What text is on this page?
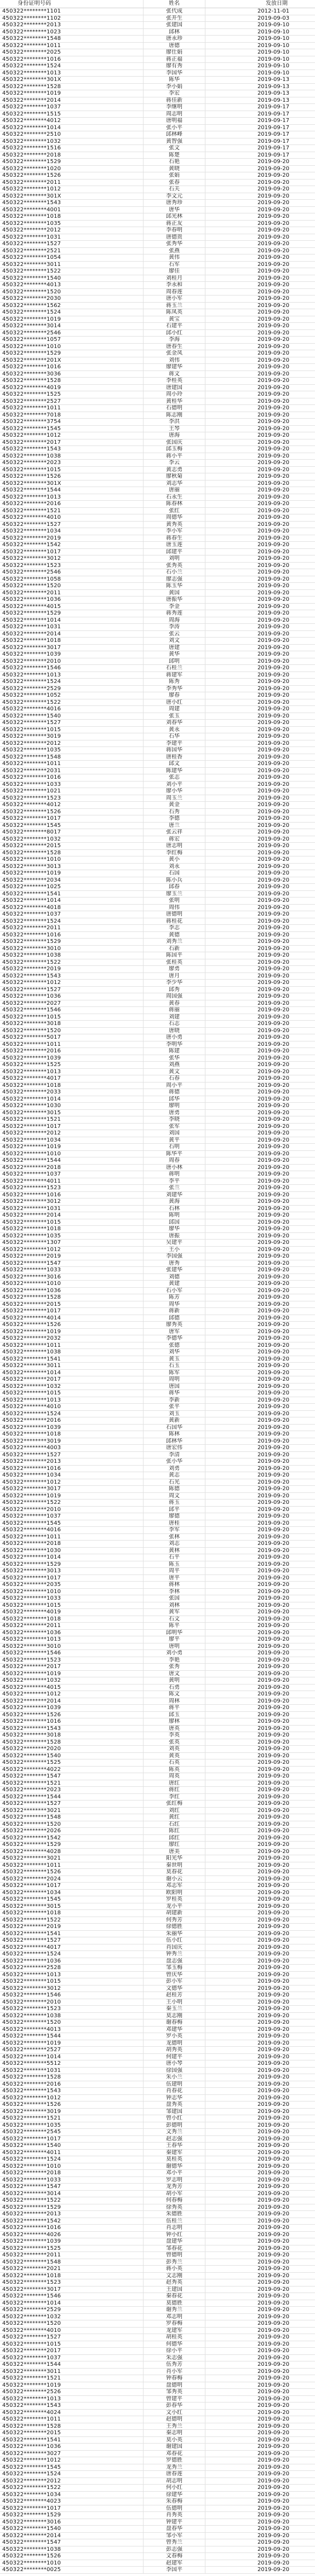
身份证明号码	姓名	发放日期
450322********1101	张代成	2012-11-01
450322********1102	张开生	2019-09-03
450322********2013	张建国	2019-09-10
450322********1023	邱林	2019-09-10
450322********1548	唐永珍	2019-09-10
450322********1011	唐德	2019-09-10
450322********2025	廖仕娟	2019-09-10
450322********1016	蒋正福	2019-09-10
450322********1524	廖有秀	2019-09-10
450322********1013	李国华	2019-09-10
450322********301X	陈华	2019-09-13
450322********1528	李小娟	2019-09-13
450322********1019	李宏	2019-09-13
450322********2014	蒋佳新	2019-09-13
450322********1037	李继明	2019-09-17
450322********1515	周志明	2019-09-17
450322********4012	唐明福	2019-09-17
450322********1014	张小平	2019-09-17
450322********2510	邱林峰	2019-09-17
450322********1032	黄智强	2019-09-17
450322********1516	张文	2019-09-17
450322********2018	陈楚	2019-09-17
450322********1529	石艳	2019-09-20
450322********1020	黄晓	2019-09-20
450322********1526	张娟	2019-09-20
450322********2011	张春	2019-09-20
450322********1012	石关	2019-09-20
450322********301X	李文元	2019-09-20
450322********1543	唐秀珍	2019-09-20
450322********4001	唐华	2019-09-20
450322********1018	邱光林	2019-09-20
450322********1035	蒋正友	2019-09-20
450322********2012	李春明	2019-09-20
450322********1031	唐德贵	2019-09-20
450322********1527	张秀华	2019-09-20
450322********2521	张燕	2019-09-20
450322********1054	黄伟	2019-09-20
450322********3011	石军	2019-09-20
450322********1522	廖佳	2019-09-20
450322********1540	刘桂月	2019-09-20
450322********4013	李永和	2019-09-20
450322********1520	周春莲	2019-09-20
450322********2030	唐小军	2019-09-20
450322********1562	蒋玉兰	2019-09-20
450322********1524	陈凤英	2019-09-20
450322********1019	黄宝	2019-09-20
450322********3014	石建平	2019-09-20
450322********2546	邱小红	2019-09-20
450322********1057	李海	2019-09-20
450322********1010	唐春生	2019-09-20
450322********1529	张金凤	2019-09-20
450322********201X	刘伟	2019-09-20
450322********1016	廖建华	2019-09-20
450322********3036	蒋文	2019-09-20
450322********1528	李桂英	2019-09-20
450322********4019	唐建国	2019-09-20
450322********1525	周小玲	2019-09-20
450322********2527	黄桂华	2019-09-20
450322********1011	石德明	2019-09-20
450322********7018	陈志刚	2019-09-20
450322********3754	李洪	2019-09-20
450322********1545	王琴	2019-09-20
450322********1012	唐海	2019-09-20
450322********2017	张国庆	2019-09-20
450322********1543	邱玉梅	2019-09-20
450322********1038	蒋小平	2019-09-20
450322********2023	李云	2019-09-20
450322********1015	黄志勇	2019-09-20
450322********1526	廖秋菊	2019-09-20
450322********301X	刘志华	2019-09-20
450322********1544	唐丽	2019-09-20
450322********1013	石永生	2019-09-20
450322********2016	陈春林	2019-09-20
450322********1521	张红	2019-09-20
450322********4010	周德华	2019-09-20
450322********1527	黄秀英	2019-09-20
450322********1034	李小军	2019-09-20
450322********2019	蒋春生	2019-09-20
450322********1542	唐玉莲	2019-09-20
450322********1017	邱建平	2019-09-20
450322********3012	刘明	2019-09-20
450322********1523	张秀英	2019-09-20
450322********2546	石小兰	2019-09-20
450322********1058	廖志强	2019-09-20
450322********1520	陈玉华	2019-09-20
450322********2011	黄国	2019-09-20
450322********1036	唐振华	2019-09-20
450322********4015	李金	2019-09-20
450322********1529	蒋秀莲	2019-09-20
450322********1014	周海	2019-09-20
450322********1031	李涛	2019-09-20
450322********2014	张云	2019-09-20
450322********1018	刘文	2019-09-20
450322********3017	唐建	2019-09-20
450322********1039	黄华	2019-09-20
450322********2010	邱明	2019-09-20
450322********1546	石桂兰	2019-09-20
450322********1013	蒋建军	2019-09-20
450322********1524	陈秀	2019-09-20
450322********2529	李秀华	2019-09-20
450322********1052	廖春	2019-09-20
450322********1522	唐小红	2019-09-20
450322********4016	周建	2019-09-20
450322********1540	张玉	2019-09-20
450322********1527	刘春华	2019-09-20
450322********1015	黄永	2019-09-20
450322********3019	石华	2019-09-20
450322********2012	李建平	2019-09-20
450322********1035	蒋国华	2019-09-20
450322********1548	唐桂香	2019-09-20
450322********1011	邱文	2019-09-20
450322********2031	陈建华	2019-09-20
450322********1016	张志	2019-09-20
450322********1033	刘小平	2019-09-20
450322********1021	廖小华	2019-09-20
450322********1523	周玉兰	2019-09-20
450322********4012	黄金	2019-09-20
450322********1526	石秀	2019-09-20
450322********1017	李德	2019-09-20
450322********1545	唐兰	2019-09-20
450322********8017	张云祥	2019-09-20
450322********1032	蒋宏	2019-09-20
450322********2015	唐志明	2019-09-20
450322********1528	李红梅	2019-09-20
450322********1010	黄小	2019-09-20
450322********3013	刘永	2019-09-20
450322********1019	石国	2019-09-20
450322********2034	陈小兵	2019-09-20
450322********1025	邱春	2019-09-20
450322********1541	廖玉兰	2019-09-20
450322********1014	张明	2019-09-20
450322********4018	周伟	2019-09-20
450322********1037	唐德明	2019-09-20
450322********1524	蒋桂花	2019-09-20
450322********2011	李志	2019-09-20
450322********1016	黄德	2019-09-20
450322********1529	刘秀兰	2019-09-20
450322********3010	石新	2019-09-20
450322********1038	陈国平	2019-09-20
450322********1522	张桂英	2019-09-20
450322********2019	廖勇	2019-09-20
450322********1543	唐月	2019-09-20
450322********1012	李少华	2019-09-20
450322********1527	邱秀	2019-09-20
450322********1036	周国强	2019-09-20
450322********2027	黄春	2019-09-20
450322********1546	蒋丽	2019-09-20
450322********1015	刘建	2019-09-20
450322********3018	石志	2019-09-20
450322********1520	唐晓	2019-09-20
450322********5017	唐小勇	2019-09-20
450322********1011	李明华	2019-09-20
450322********2016	陈建	2019-09-20
450322********1039	张华	2019-09-20
450322********1525	刘燕	2019-09-20
450322********1013	黄文	2019-09-20
450322********4017	石春	2019-09-20
450322********1018	周小平	2019-09-20
450322********2033	蒋德	2019-09-20
450322********1014	邱华	2019-09-20
450322********1030	廖明	2019-09-20
450322********3015	唐勇	2019-09-20
450322********1521	李晓	2019-09-20
450322********1017	张军	2019-09-20
450322********2012	刘国	2019-09-20
450322********1034	黄平	2019-09-20
450322********1019	石明	2019-09-20
450322********1010	陈华平	2019-09-20
450322********1544	周春	2019-09-20
450322********2018	唐小林	2019-09-20
450322********1037	蒋明	2019-09-20
450322********4011	李平	2019-09-20
450322********1523	张兰	2019-09-20
450322********1016	刘建华	2019-09-20
450322********3012	黄海	2019-09-20
450322********1031	石林	2019-09-20
450322********2014	陈明	2019-09-20
450322********1015	邱国	2019-09-20
450322********1018	廖华	2019-09-20
450322********1035	唐振	2019-09-20
450322********1307	吴建平	2019-09-20
450322********1012	王小	2019-09-20
450322********2019	李国强	2019-09-20
450322********1547	唐秀	2019-09-20
450322********1033	张建华	2019-09-20
450322********3016	刘德	2019-09-20
450322********1010	黄建	2019-09-20
450322********1036	石小军	2019-09-20
450322********1528	陈芳	2019-09-20
450322********2015	周华	2019-09-20
450322********1017	蒋新	2019-09-20
450322********4014	邱德	2019-09-20
450322********1526	廖秀英	2019-09-20
450322********1019	唐军	2019-09-20
450322********2032	李德华	2019-09-20
450322********1011	张德	2019-09-20
450322********1038	刘华	2019-09-20
450322********1541	黄玉	2019-09-20
450322********3011	石玉	2019-09-20
450322********1014	陈军	2019-09-20
450322********2017	周明	2019-09-20
450322********1032	唐国	2019-09-20
450322********1015	蒋华	2019-09-20
450322********1013	李新	2019-09-20
450322********4010	张平	2019-09-20
450322********1524	刘玉	2019-09-20
450322********2016	黄新	2019-09-20
450322********1039	石国华	2019-09-20
450322********1018	陈林	2019-09-20
450322********3019	邱林华	2019-09-20
450322********4003	唐宏伟	2019-09-20
450322********1527	李清	2019-09-20
450322********2013	张小华	2019-09-20
450322********1016	刘勇	2019-09-20
450322********1034	黄志	2019-09-20
450322********1012	石光	2019-09-20
450322********3017	陈德	2019-09-20
450322********1019	周文	2019-09-20
450322********1522	蒋玉	2019-09-20
450322********2010	邱平	2019-09-20
450322********1037	廖德	2019-09-20
450322********1545	唐桂	2019-09-20
450322********4016	李军	2019-09-20
450322********1011	张林	2019-09-20
450322********2018	刘志	2019-09-20
450322********1030	黄林	2019-09-20
450322********1014	石平	2019-09-20
450322********1529	陈玉	2019-09-20
450322********3013	周平	2019-09-20
450322********1017	唐平	2019-09-20
450322********2035	蒋林	2019-09-20
450322********1010	李林	2019-09-20
450322********1033	张国	2019-09-20
450322********1015	刘林	2019-09-20
450322********4019	黄军	2019-09-20
450322********1018	石文	2019-09-20
450322********2011	陈平	2019-09-20
450322********1036	邱明华	2019-09-20
450322********1013	廖平	2019-09-20
450322********3010	唐明	2019-09-20
450322********1546	刘小勇	2019-09-20
450322********1523	李艳	2019-09-20
450322********2017	张秀	2019-09-20
450322********1019	唐文	2019-09-20
450322********1032	黄明	2019-09-20
450322********4015	石勇	2019-09-20
450322********1012	陈文	2019-09-20
450322********2014	周林	2019-09-20
450322********1039	蒋平	2019-09-20
450322********1526	邱玉	2019-09-20
450322********1016	廖林	2019-09-20
450322********1543	唐英	2019-09-20
450322********3018	李英	2019-09-20
450322********1528	张英	2019-09-20
450322********2020	刘英	2019-09-20
450322********1540	黄英	2019-09-20
450322********1525	石英	2019-09-20
450322********4022	陈英	2019-09-20
450322********1547	周英	2019-09-20
450322********1521	唐红	2019-09-20
450322********2023	蒋红	2019-09-20
450322********1544	李红	2019-09-20
450322********1527	张红梅	2019-09-20
450322********3021	刘红	2019-09-20
450322********1548	黄红	2019-09-20
450322********1520	石红	2019-09-20
450322********2026	陈红	2019-09-20
450322********1542	邱红	2019-09-20
450322********1529	廖红	2019-09-20
450322********4028	唐美	2019-09-20
450322********3021	阳光华	2019-09-20
450322********1011	秦世明	2019-09-20
450322********1526	莫春花	2019-09-20
450322********2024	谢小云	2019-09-20
450322********1017	邓志军	2019-09-20
450322********1034	欧阳明	2019-09-20
450322********1545	罗桂英	2019-09-20
450322********3015	龙小平	2019-09-20
450322********1018	胡建新	2019-09-20
450322********1522	何秀芳	2019-09-20
450322********2019	徐德胜	2019-09-20
450322********1541	朱丽华	2019-09-20
450322********1527	伍小红	2019-09-20
450322********4017	肖国庆	2019-09-20
450322********1524	钟秀兰	2019-09-20
450322********1036	盘志强	2019-09-20
450322********2528	邹玉梅	2019-09-20
450322********1013	曾庆华	2019-09-20
450322********1015	彭小军	2019-09-20
450322********3012	文德华	2019-09-20
450322********1546	赵桂芳	2019-09-20
450322********2010	王小明	2019-09-20
450322********1523	秦玉兰	2019-09-20
450322********1038	莫志刚	2019-09-20
450322********1520	谢春梅	2019-09-20
450322********4013	邓建华	2019-09-20
450322********1544	罗小英	2019-09-20
450322********1019	龙德明	2019-09-20
450322********2527	胡秀英	2019-09-20
450322********1014	何建平	2019-09-20
450322********5512	唐小琴	2019-09-20
450322********1031	徐国强	2019-09-20
450322********1528	朱小兰	2019-09-20
450322********2016	伍建明	2019-09-20
450322********1543	肖春花	2019-09-20
450322********1012	钟志华	2019-09-20
450322********1526	盘秀英	2019-09-20
450322********3019	邹建国	2019-09-20
450322********1521	曾小红	2019-09-20
450322********1035	彭德明	2019-09-20
450322********2545	文秀兰	2019-09-20
450322********1017	赵志强	2019-09-20
450322********1540	王春华	2019-09-20
450322********4011	秦建军	2019-09-20
450322********1524	莫桂英	2019-09-20
450322********1010	谢德华	2019-09-20
450322********2018	邓小平	2019-09-20
450322********1033	罗志明	2019-09-20
450322********1547	龙秀芳	2019-09-20
450322********3014	胡小军	2019-09-20
450322********1522	何春梅	2019-09-20
450322********1529	徐秀英	2019-09-20
450322********2013	朱德胜	2019-09-20
450322********1542	伍桂兰	2019-09-20
450322********1016	肖志明	2019-09-20
450322********4026	钟小红	2019-09-20
450322********1039	盘建华	2019-09-20
450322********1525	邹春花	2019-09-20
450322********2011	曾德明	2019-09-20
450322********1548	彭秀兰	2019-09-20
450322********2021	蒋小英	2019-09-20
450322********1018	文志刚	2019-09-20
450322********1523	赵秀英	2019-09-20
450322********3017	王建国	2019-09-20
450322********1546	秦春花	2019-09-20
450322********1014	莫德胜	2019-09-20
450322********2529	谢秀兰	2019-09-20
450322********1032	邓志明	2019-09-20
450322********1520	罗春梅	2019-09-20
450322********4010	龙建军	2019-09-20
450322********1527	胡桂英	2019-09-20
450322********1015	何德华	2019-09-20
450322********2017	徐小平	2019-09-20
450322********1037	朱志强	2019-09-20
450322********1544	伍秀芳	2019-09-20
450322********3011	肖小军	2019-09-20
450322********1521	钟春梅	2019-09-20
450322********1019	盘德明	2019-09-20
450322********2526	邹秀英	2019-09-20
450322********1013	曾建平	2019-09-20
450322********1543	彭春华	2019-09-20
450322********4024	文小红	2019-09-20
450322********1011	赵德明	2019-09-20
450322********1528	王秀兰	2019-09-20
450322********2015	秦志明	2019-09-20
450322********1541	莫小英	2019-09-20
450322********1036	谢建国	2019-09-20
450322********3027	邓春花	2019-09-20
450322********1012	罗德胜	2019-09-20
450322********1545	龙秀兰	2019-09-20
450322********1524	唐春莲	2019-09-20
450322********2012	胡志明	2019-09-20
450322********1522	何小红	2019-09-20
450322********1034	徐建华	2019-09-20
450322********4023	朱春梅	2019-09-20
450322********1017	伍德明	2019-09-20
450322********1529	肖秀英	2019-09-20
450322********3016	钟建平	2019-09-20
450322********1540	盘春华	2019-09-20
450322********2014	邹小军	2019-09-20
450322********1547	曾秀兰	2019-09-20
450322********1038	彭志强	2019-09-20
450322********1526	文春梅	2019-09-20
450322********1010	赵建军	2019-09-20
450322********0025	李国平	2019-09-20
